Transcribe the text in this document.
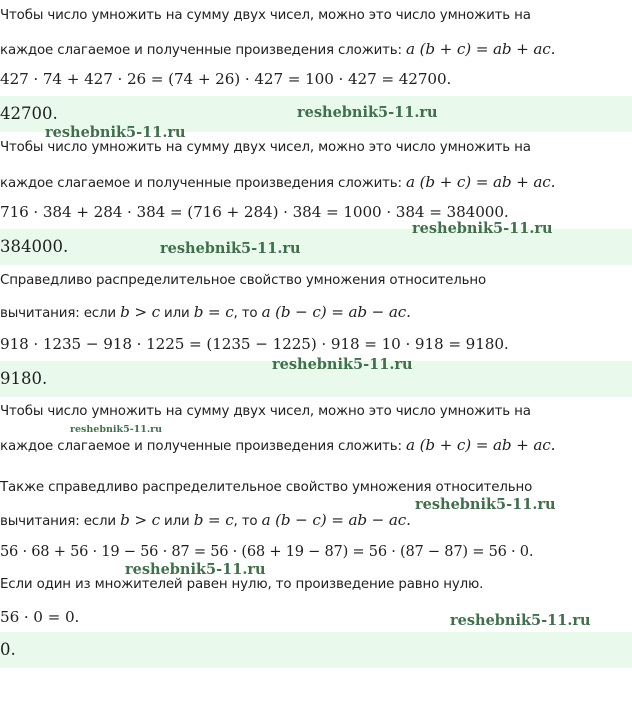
Чтобы число умножить на сумму двух чисел, можно это число умножить на
каждое слагаемое и полученные произведения сложить: a (b + c) = ab + ac.
427 · 74 + 427 · 26 = (74 + 26) · 427 = 100 · 427 = 42700.
42700.	reshebnik5-11.ru
reshebnik5-11.ru
Чтобы число умножить на сумму двух чисел, можно это число умножить на
каждое слагаемое и полученные произведения сложить: a (b + c) = ab + ac.
716 · 384 + 284 · 384 = (716 + 284) · 384 = 1000 · 384 = 384000.
384000.
reshebnik5-11.ru
reshebnik5-11.ru
Справедливо распределительное свойство умножения относительно
вычитания: если b > c или b = c, то a (b − c) = ab − ac.
918 · 1235 − 918 · 1225 = (1235 − 1225) · 918 = 10 · 918 = 9180.
9180.
reshebnik5-11.ru
Чтобы число умножить на сумму двух чисел, можно это число умножить на
reshebnik5-11.ru
каждое слагаемое и полученные произведения сложить: a (b + c) = ab + ac.
Также справедливо распределительное свойство умножения относительно
reshebnik5-11.ru
вычитания: если b > c или b = c, то a (b − c) = ab − ac.
56 · 68 + 56 · 19 − 56 · 87 = 56 · (68 + 19 − 87) = 56 · (87 − 87) = 56 · 0.
reshebnik5-11.ru
Если один из множителей равен нулю, то произведение равно нулю.
56 · 0 = 0.	reshebnik5-11.ru
0.
